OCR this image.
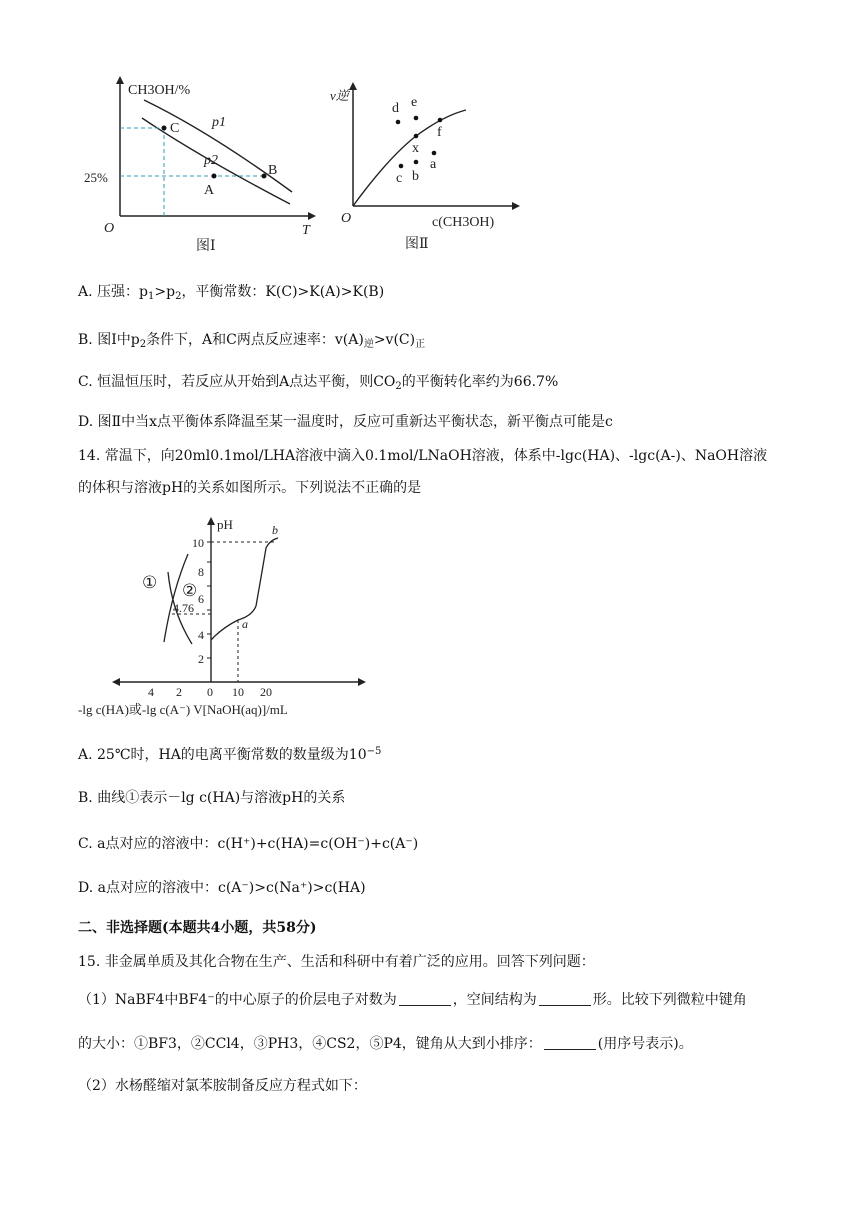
CH3OH/%
C
A
B
p1
p2
25%
O	T
图Ⅰ
v逆
d e
f
x
a
b
c
O	c(CH3OH)
图Ⅱ
A. 压强：$p_1>p_2$，平衡常数：K(C)>K(A)>K(B)
B. 图Ⅰ中$p_2$条件下，A和C两点反应速率：$v(A)_逆>v(C)_正$
C. 恒温恒压时，若反应从开始到A点达平衡，则$CO_2$的平衡转化率约为66.7%
D. 图Ⅱ中当x点平衡体系降温至某一温度时，反应可重新达平衡状态，新平衡点可能是c
14. 常温下，向20ml0.1mol/LHA溶液中滴入0.1mol/LNaOH溶液，体系中-lgc(HA)、-lgc(A-)、NaOH溶液
的体积与溶液pH的关系如图所示。下列说法不正确的是
pH
2
4
6
8
10
4 2 0 10 20
① ②
4.76
a
b
-lg c(HA)或-lg c(A⁻) V[NaOH(aq)]/mL
A. 25℃时，HA的电离平衡常数的数量级为$10^{-5}$
B. 曲线①表示－lg c(HA)与溶液pH的关系
C. a点对应的溶液中：c(H⁺)+c(HA)=c(OH⁻)+c(A⁻)
D. a点对应的溶液中：c(A⁻)>c(Na⁺)>c(HA)
二、非选择题(本题共4小题，共58分)
15. 非金属单质及其化合物在生产、生活和科研中有着广泛的应用。回答下列问题：
（1）NaBF4中BF4⁻的中心原子的价层电子对数为	，空间结构为	形。比较下列微粒中键角
的大小：①BF3，②CCl4，③PH3，④CS2，⑤P4，键角从大到小排序：	(用序号表示)。
（2）水杨醛缩对氯苯胺制备反应方程式如下：
